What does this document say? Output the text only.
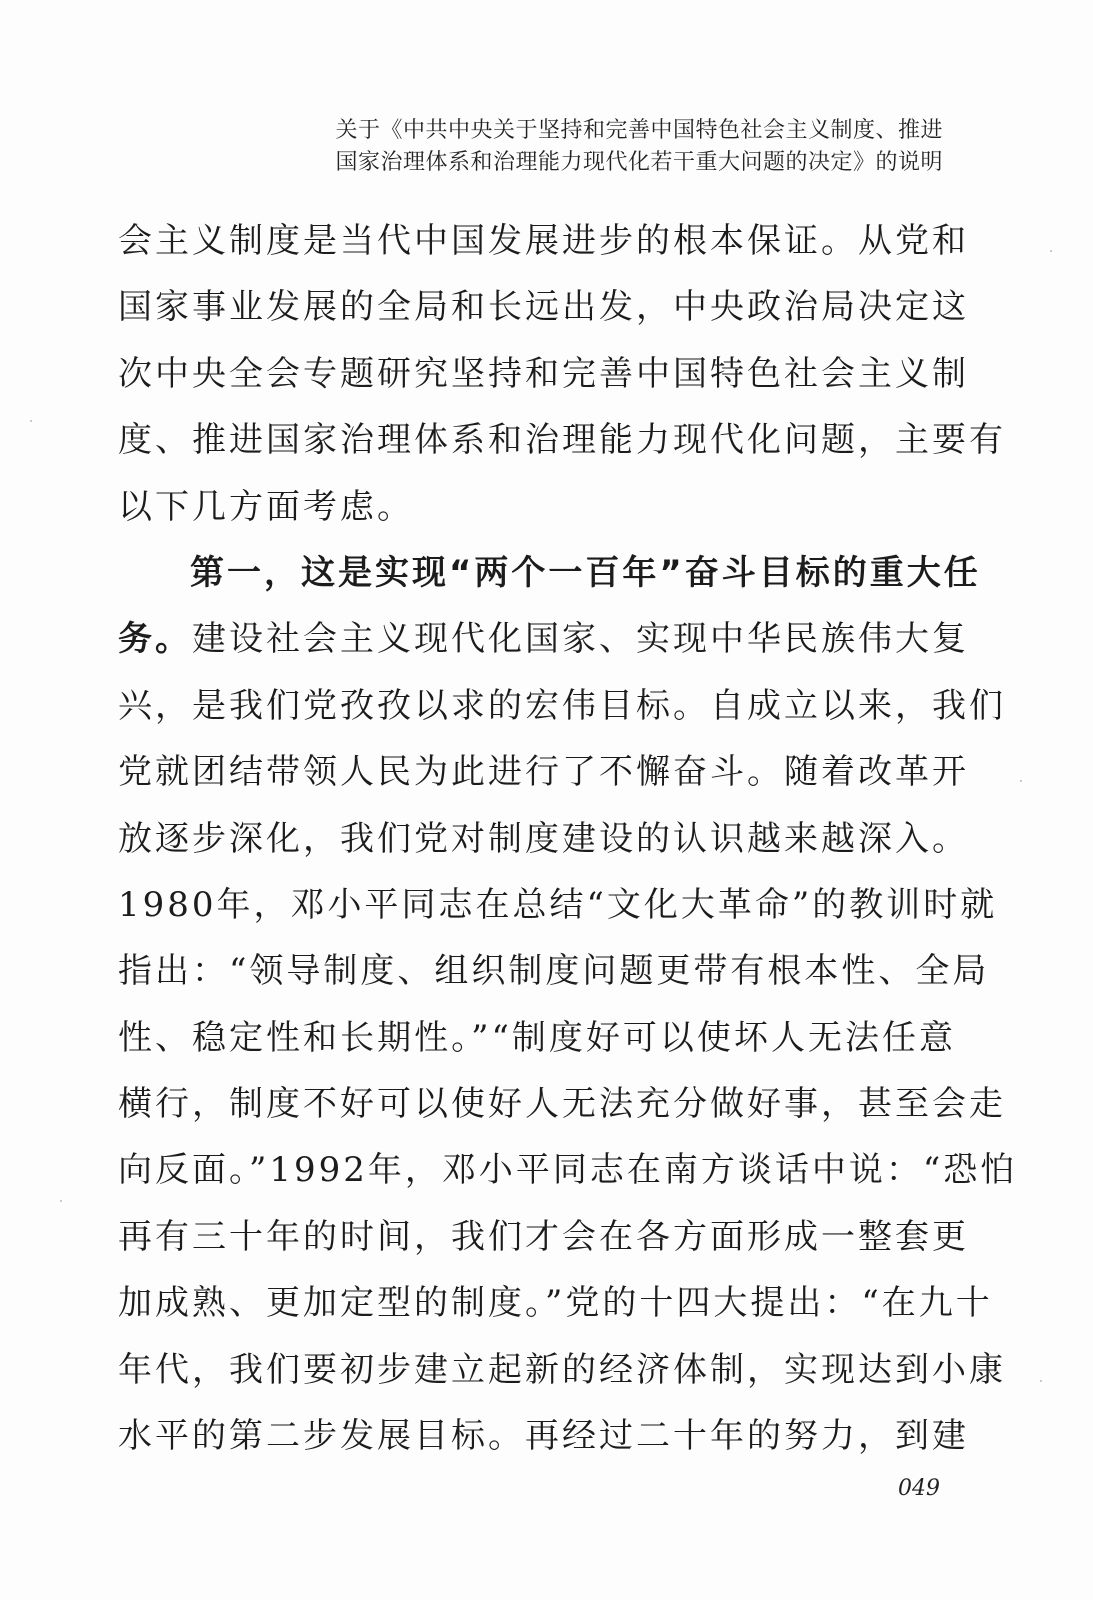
关于《中共中央关于坚持和完善中国特色社会主义制度、推进
国家治理体系和治理能力现代化若干重大问题的决定》的说明
会主义制度是当代中国发展进步的根本保证。从党和
国家事业发展的全局和长远出发，中央政治局决定这
次中央全会专题研究坚持和完善中国特色社会主义制
度、推进国家治理体系和治理能力现代化问题，主要有
以下几方面考虑。
第一，这是实现“两个一百年”奋斗目标的重大任
务。建设社会主义现代化国家、实现中华民族伟大复
兴，是我们党孜孜以求的宏伟目标。自成立以来，我们
党就团结带领人民为此进行了不懈奋斗。随着改革开
放逐步深化，我们党对制度建设的认识越来越深入。
1980年，邓小平同志在总结“文化大革命”的教训时就
指出：“领导制度、组织制度问题更带有根本性、全局
性、稳定性和长期性。”“制度好可以使坏人无法任意
横行，制度不好可以使好人无法充分做好事，甚至会走
向反面。”1992年，邓小平同志在南方谈话中说：“恐怕
再有三十年的时间，我们才会在各方面形成一整套更
加成熟、更加定型的制度。”党的十四大提出：“在九十
年代，我们要初步建立起新的经济体制，实现达到小康
水平的第二步发展目标。再经过二十年的努力，到建
049
